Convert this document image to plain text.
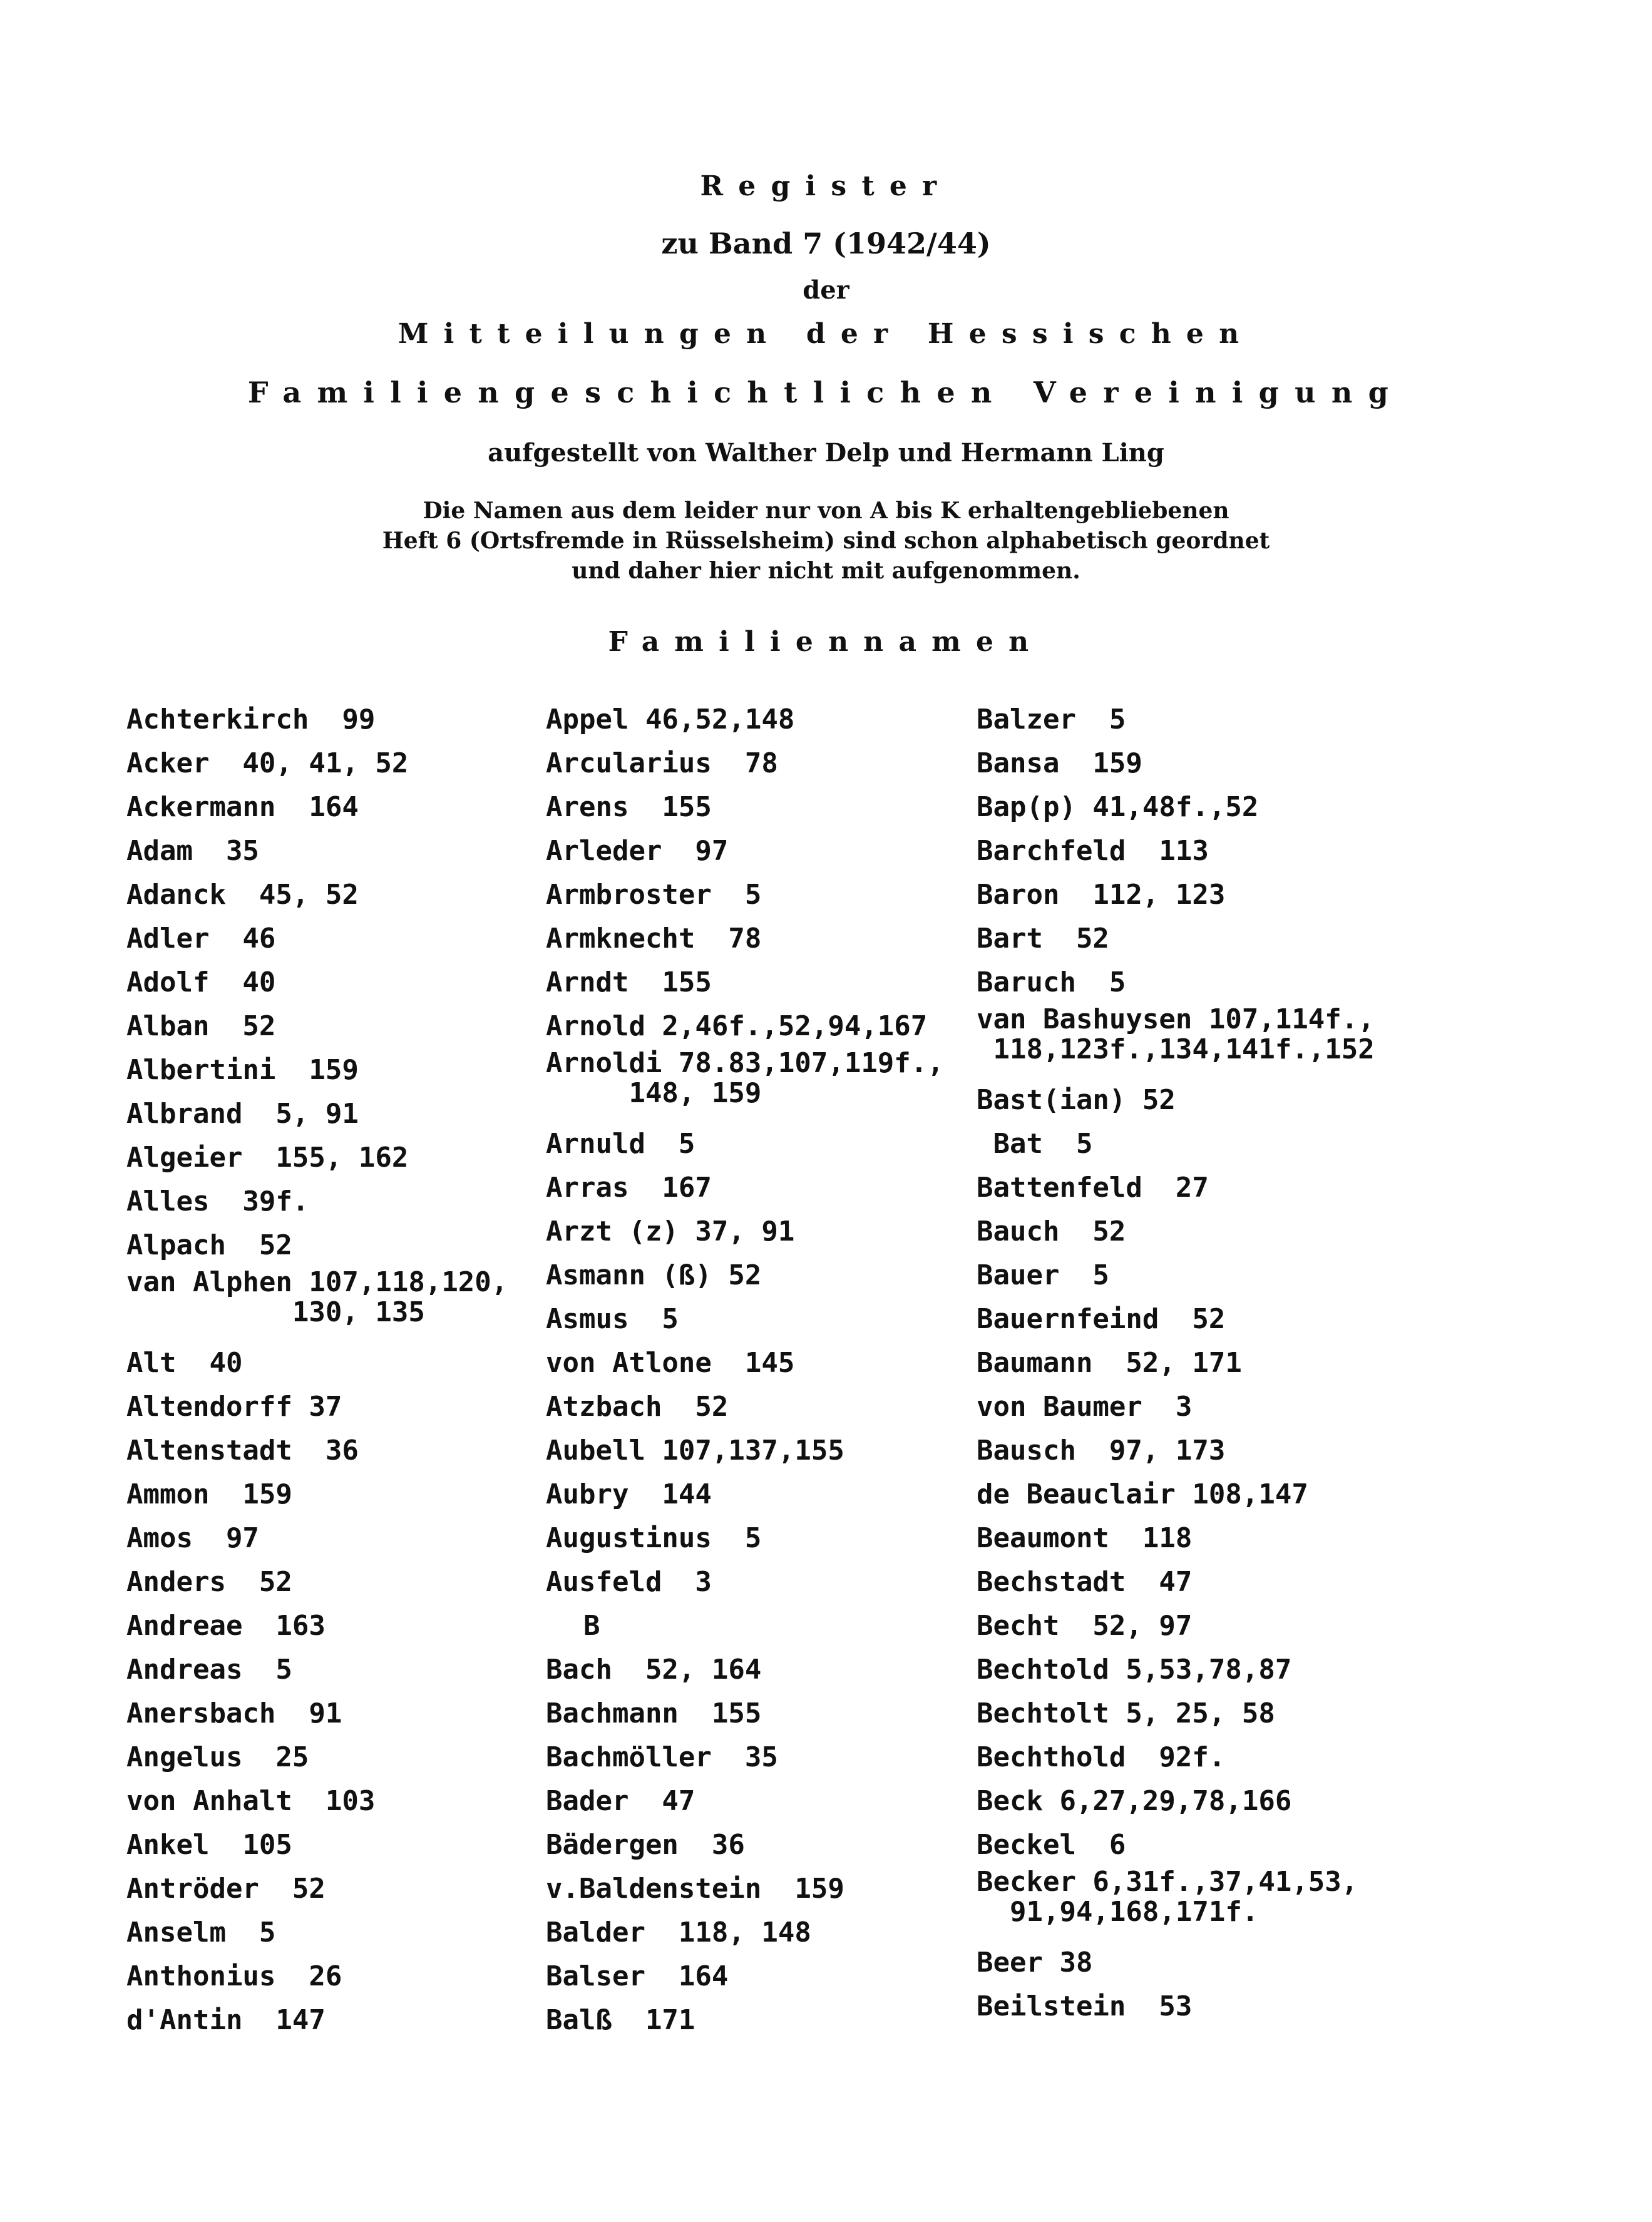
Register
zu Band 7 (1942/44)
der
Mitteilungen der Hessischen
Familiengeschichtlichen Vereinigung
aufgestellt von Walther Delp und Hermann Ling
Die Namen aus dem leider nur von A bis K erhaltengebliebenen
Heft 6 (Ortsfremde in Rüsselsheim) sind schon alphabetisch geordnet
und daher hier nicht mit aufgenommen.
Familiennamen
Achterkirch  99
Acker  40, 41, 52
Ackermann  164
Adam  35
Adanck  45, 52
Adler  46
Adolf  40
Alban  52
Albertini  159
Albrand  5, 91
Algeier  155, 162
Alles  39f.
Alpach  52
van Alphen 107,118,120,
130, 135
Alt  40
Altendorff 37
Altenstadt  36
Ammon  159
Amos  97
Anders  52
Andreae  163
Andreas  5
Anersbach  91
Angelus  25
von Anhalt  103
Ankel  105
Antröder  52
Anselm  5
Anthonius  26
d'Antin  147
Appel 46,52,148
Arcularius  78
Arens  155
Arleder  97
Armbroster  5
Armknecht  78
Arndt  155
Arnold 2,46f.,52,94,167
Arnoldi 78.83,107,119f.,
148, 159
Arnuld  5
Arras  167
Arzt (z) 37, 91
Asmann (ß) 52
Asmus  5
von Atlone  145
Atzbach  52
Aubell 107,137,155
Aubry  144
Augustinus  5
Ausfeld  3
B
Bach  52, 164
Bachmann  155
Bachmöller  35
Bader  47
Bädergen  36
v.Baldenstein  159
Balder  118, 148
Balser  164
Balß  171
Balzer  5
Bansa  159
Bap(p) 41,48f.,52
Barchfeld  113
Baron  112, 123
Bart  52
Baruch  5
van Bashuysen 107,114f.,
118,123f.,134,141f.,152
Bast(ian) 52
Bat  5
Battenfeld  27
Bauch  52
Bauer  5
Bauernfeind  52
Baumann  52, 171
von Baumer  3
Bausch  97, 173
de Beauclair 108,147
Beaumont  118
Bechstadt  47
Becht  52, 97
Bechtold 5,53,78,87
Bechtolt 5, 25, 58
Bechthold  92f.
Beck 6,27,29,78,166
Beckel  6
Becker 6,31f.,37,41,53,
91,94,168,171f.
Beer 38
Beilstein  53
